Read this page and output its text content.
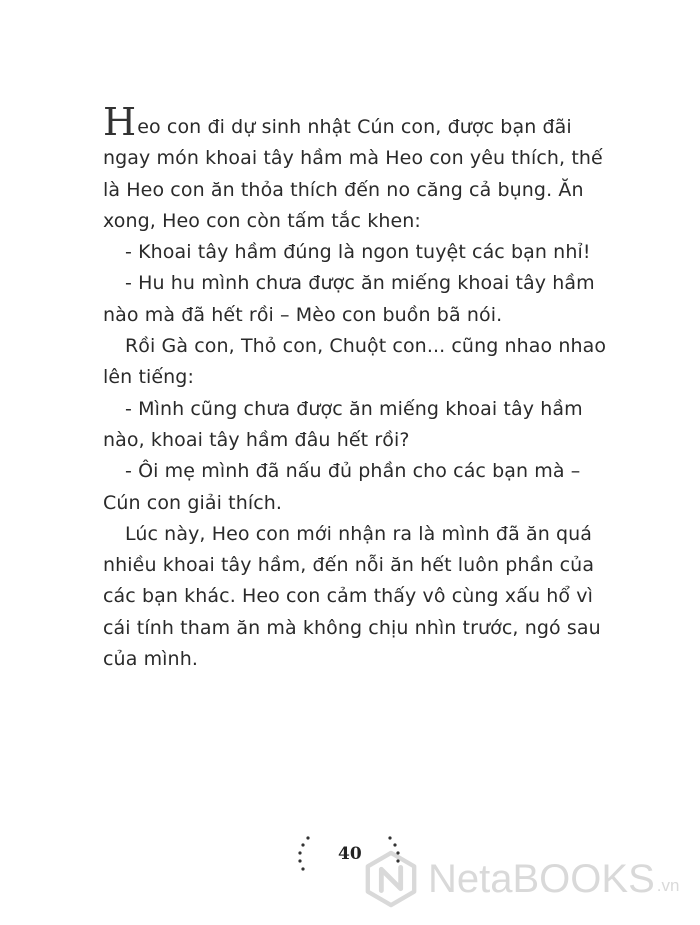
Heo con đi dự sinh nhật Cún con, được bạn đãi
ngay món khoai tây hầm mà Heo con yêu thích, thế
là Heo con ăn thỏa thích đến no căng cả bụng. Ăn
xong, Heo con còn tấm tắc khen:
- Khoai tây hầm đúng là ngon tuyệt các bạn nhỉ!
- Hu hu mình chưa được ăn miếng khoai tây hầm
nào mà đã hết rồi – Mèo con buồn bã nói.
Rồi Gà con, Thỏ con, Chuột con... cũng nhao nhao
lên tiếng:
- Mình cũng chưa được ăn miếng khoai tây hầm
nào, khoai tây hầm đâu hết rồi?
- Ôi mẹ mình đã nấu đủ phần cho các bạn mà –
Cún con giải thích.
Lúc này, Heo con mới nhận ra là mình đã ăn quá
nhiều khoai tây hầm, đến nỗi ăn hết luôn phần của
các bạn khác. Heo con cảm thấy vô cùng xấu hổ vì
cái tính tham ăn mà không chịu nhìn trước, ngó sau
của mình.
40
NetaBOOKS .vn
